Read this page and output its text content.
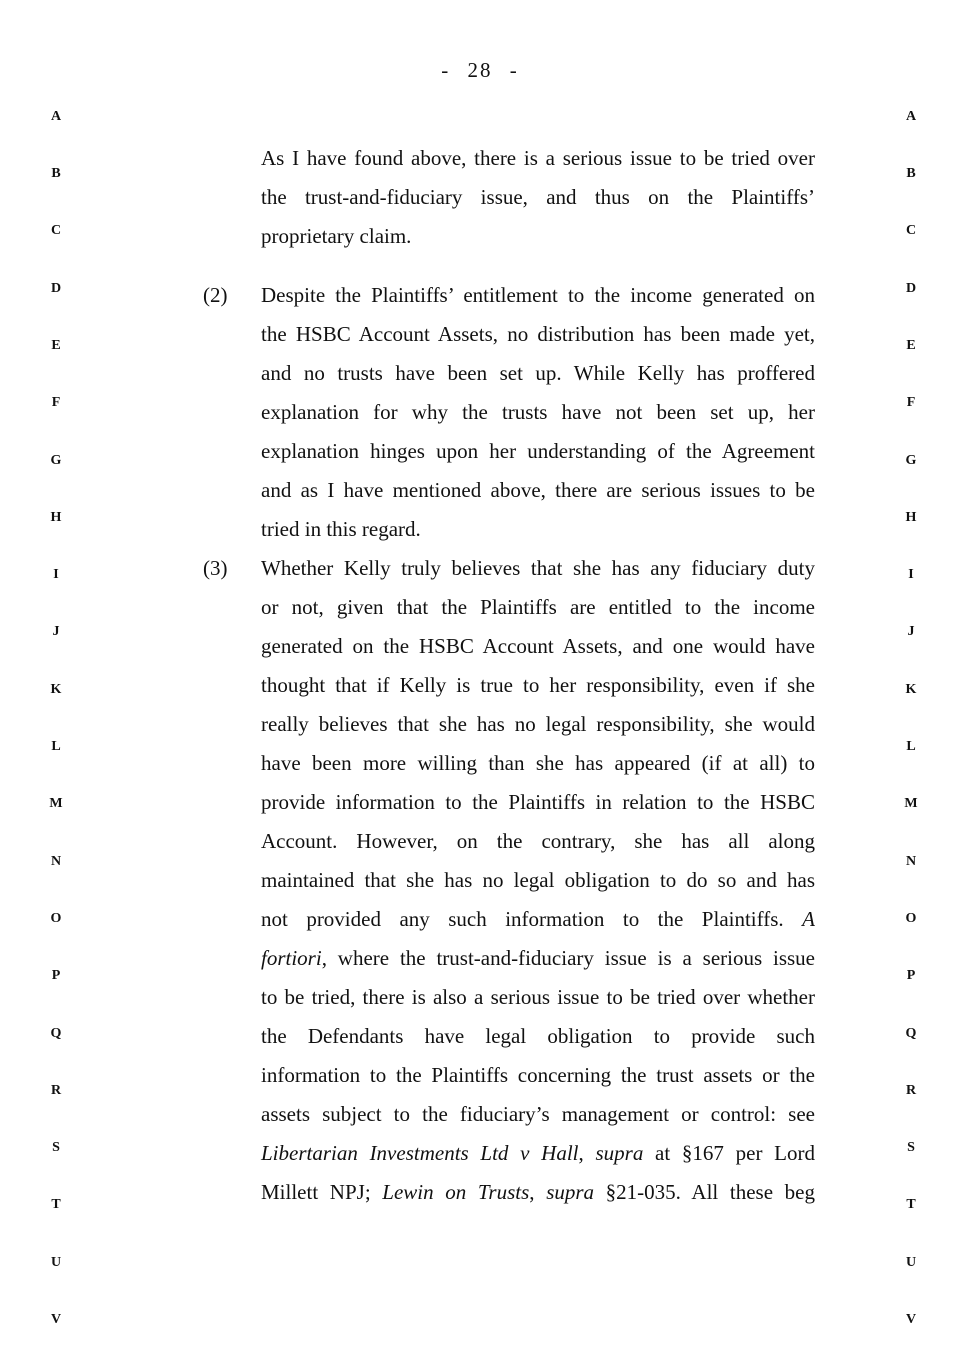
- 28 -
A
B
C
D
E
F
G
H
I
J
K
L
M
N
O
P
Q
R
S
T
U
V
A
B
C
D
E
F
G
H
I
J
K
L
M
N
O
P
Q
R
S
T
U
V
As I have found above, there is a serious issue to be tried over
the trust-and-fiduciary issue, and thus on the Plaintiffs’
proprietary claim.
(2) Despite the Plaintiffs’ entitlement to the income generated on
the HSBC Account Assets, no distribution has been made yet,
and no trusts have been set up. While Kelly has proffered
explanation for why the trusts have not been set up, her
explanation hinges upon her understanding of the Agreement
and as I have mentioned above, there are serious issues to be
tried in this regard.
(3) Whether Kelly truly believes that she has any fiduciary duty
or not, given that the Plaintiffs are entitled to the income
generated on the HSBC Account Assets, and one would have
thought that if Kelly is true to her responsibility, even if she
really believes that she has no legal responsibility, she would
have been more willing than she has appeared (if at all) to
provide information to the Plaintiffs in relation to the HSBC
Account. However, on the contrary, she has all along
maintained that she has no legal obligation to do so and has
not provided any such information to the Plaintiffs. A
fortiori, where the trust-and-fiduciary issue is a serious issue
to be tried, there is also a serious issue to be tried over whether
the Defendants have legal obligation to provide such
information to the Plaintiffs concerning the trust assets or the
assets subject to the fiduciary’s management or control: see
Libertarian Investments Ltd v Hall, supra at §167 per Lord
Millett NPJ; Lewin on Trusts, supra §21-035. All these beg
